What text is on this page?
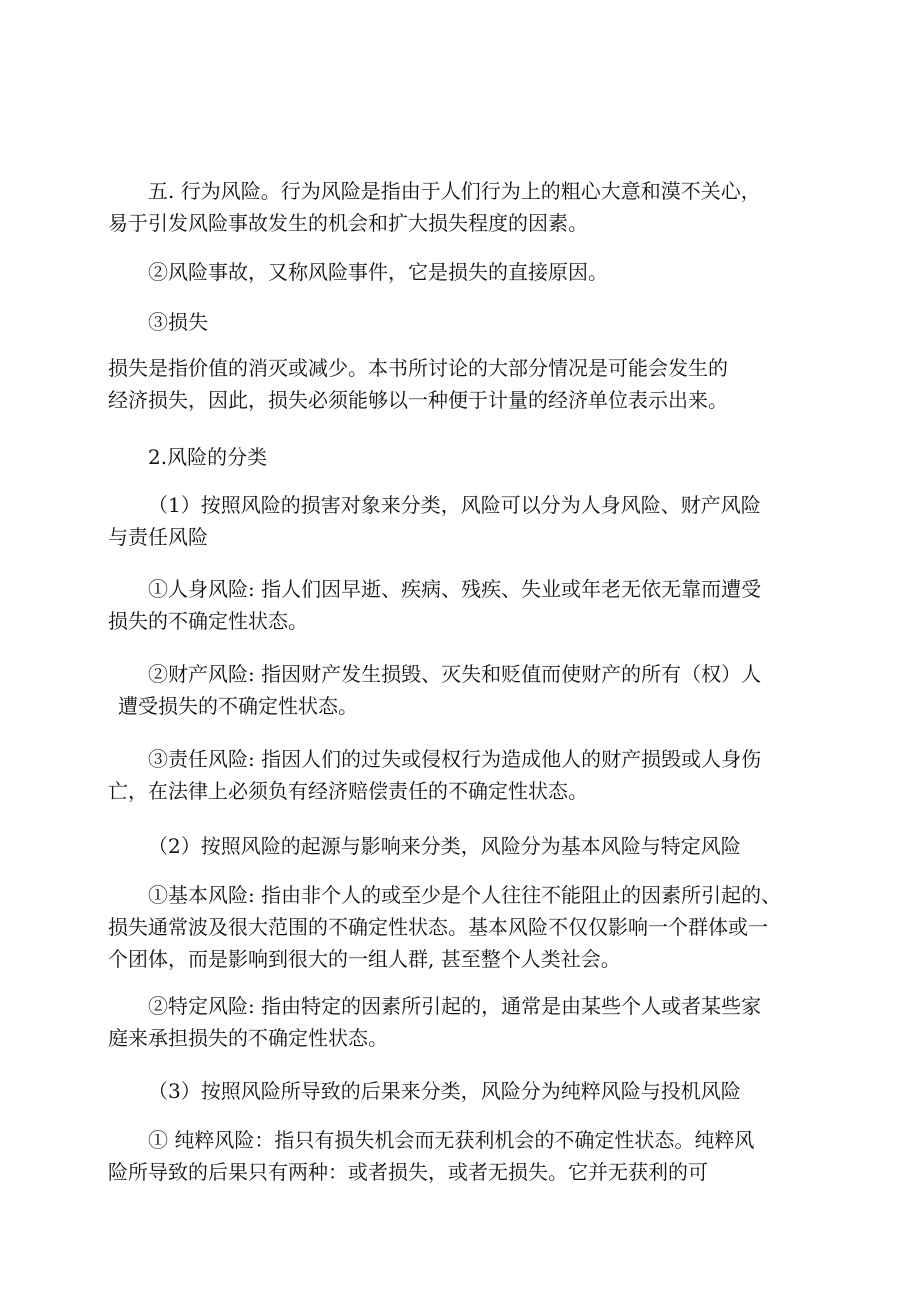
五. 行为风险。行为风险是指由于人们行为上的粗心大意和漠不关心，
易于引发风险事故发生的机会和扩大损失程度的因素。
②风险事故，又称风险事件，它是损失的直接原因。
③损失
损失是指价值的消灭或减少。本书所讨论的大部分情况是可能会发生的
经济损失，因此，损失必须能够以一种便于计量的经济单位表示出来。
2.风险的分类
（1）按照风险的损害对象来分类，风险可以分为人身风险、财产风险
与责任风险
①人身风险: 指人们因早逝、疾病、残疾、失业或年老无依无靠而遭受
损失的不确定性状态。
②财产风险: 指因财产发生损毁、灭失和贬值而使财产的所有（权）人
遭受损失的不确定性状态。
③责任风险: 指因人们的过失或侵权行为造成他人的财产损毁或人身伤
亡，在法律上必须负有经济赔偿责任的不确定性状态。
（2）按照风险的起源与影响来分类，风险分为基本风险与特定风险
①基本风险: 指由非个人的或至少是个人往往不能阻止的因素所引起的、
损失通常波及很大范围的不确定性状态。基本风险不仅仅影响一个群体或一
个团体，而是影响到很大的一组人群, 甚至整个人类社会。
②特定风险: 指由特定的因素所引起的，通常是由某些个人或者某些家
庭来承担损失的不确定性状态。
（3）按照风险所导致的后果来分类，风险分为纯粹风险与投机风险
① 纯粹风险：指只有损失机会而无获利机会的不确定性状态。纯粹风
险所导致的后果只有两种：或者损失，或者无损失。它并无获利的可
